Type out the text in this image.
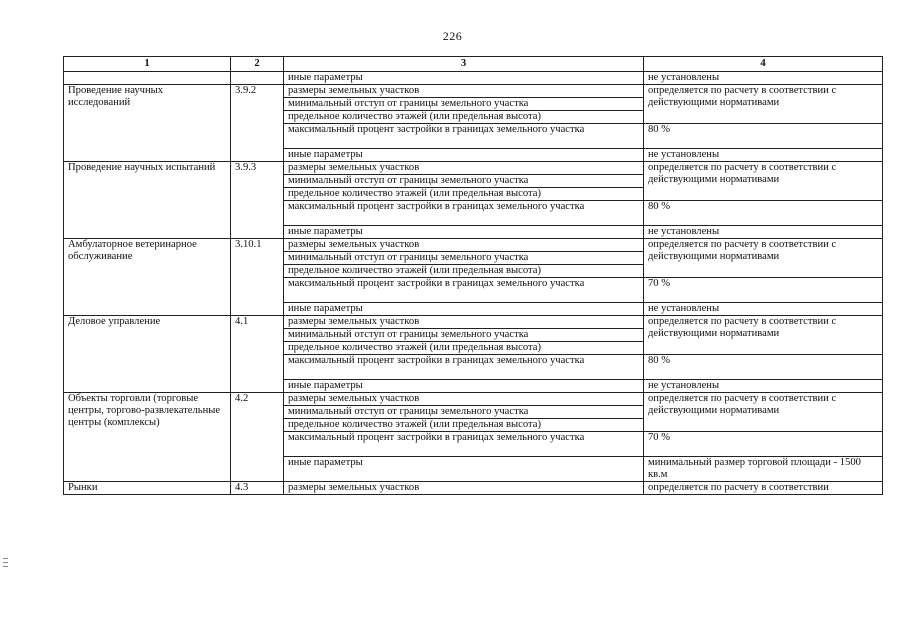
226
1	2	3	4
		иные параметры	не установлены
Проведение научных исследований	3.9.2	размеры земельных участков	определяется по расчету в соответствии с действующими нормативами
		минимальный отступ от границы земельного участка	
		предельное количество этажей (или предельная высота)	
		максимальный процент застройки в границах земельного участка	80 %
		иные параметры	не установлены
Проведение научных испытаний	3.9.3	размеры земельных участков	определяется по расчету в соответствии с действующими нормативами
		минимальный отступ от границы земельного участка	
		предельное количество этажей (или предельная высота)	
		максимальный процент застройки в границах земельного участка	80 %
		иные параметры	не установлены
Амбулаторное ветеринарное обслуживание	3.10.1	размеры земельных участков	определяется по расчету в соответствии с действующими нормативами
		минимальный отступ от границы земельного участка	
		предельное количество этажей (или предельная высота)	
		максимальный процент застройки в границах земельного участка	70 %
		иные параметры	не установлены
Деловое управление	4.1	размеры земельных участков	определяется по расчету в соответствии с действующими нормативами
		минимальный отступ от границы земельного участка	
		предельное количество этажей (или предельная высота)	
		максимальный процент застройки в границах земельного участка	80 %
		иные параметры	не установлены
Объекты торговли (торговые центры, торгово-развлекательные центры (комплексы)	4.2	размеры земельных участков	определяется по расчету в соответствии с действующими нормативами
		минимальный отступ от границы земельного участка	
		предельное количество этажей (или предельная высота)	
		максимальный процент застройки в границах земельного участка	70 %
		иные параметры	минимальный размер торговой площади - 1500 кв.м
Рынки	4.3	размеры земельных участков	определяется по расчету в соответствии
